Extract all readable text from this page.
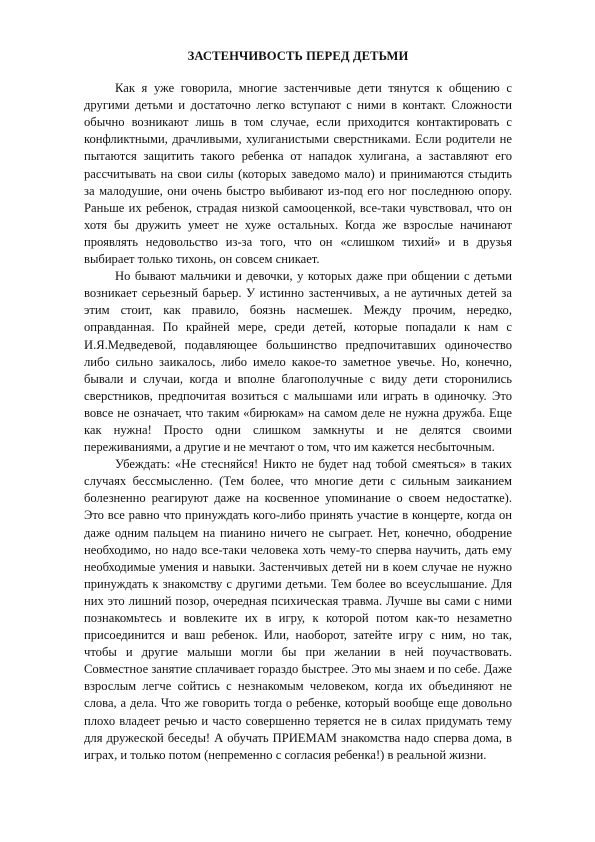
ЗАСТЕНЧИВОСТЬ ПЕРЕД ДЕТЬМИ

Как я уже говорила, многие застенчивые дети тянутся к общению с другими детьми и достаточно легко вступают с ними в контакт. Сложности обычно возникают лишь в том случае, если приходится контактировать с конфликтными, драчливыми, хулиганистыми сверстниками. Если родители не пытаются защитить такого ребенка от нападок хулигана, а заставляют его рассчитывать на свои силы (которых заведомо мало) и принимаются стыдить за малодушие, они очень быстро выбивают из-под его ног последнюю опору. Раньше их ребенок, страдая низкой самооценкой, все-таки чувствовал, что он хотя бы дружить умеет не хуже остальных. Когда же взрослые начинают проявлять недовольство из-за того, что он «слишком тихий» и в друзья выбирает только тихонь, он совсем сникает.

Но бывают мальчики и девочки, у которых даже при общении с детьми возникает серьезный барьер. У истинно застенчивых, а не аутичных детей за этим стоит, как правило, боязнь насмешек. Между прочим, нередко, оправданная. По крайней мере, среди детей, которые попадали к нам с И.Я.Медведевой, подавляющее большинство предпочитавших одиночество либо сильно заикалось, либо имело какое-то заметное увечье. Но, конечно, бывали и случаи, когда и вполне благополучные с виду дети сторонились сверстников, предпочитая возиться с малышами или играть в одиночку. Это вовсе не означает, что таким «бирюкам» на самом деле не нужна дружба. Еще как нужна! Просто одни слишком замкнуты и не делятся своими переживаниями, а другие и не мечтают о том, что им кажется несбыточным.

Убеждать: «Не стесняйся! Никто не будет над тобой смеяться» в таких случаях бессмысленно. (Тем более, что многие дети с сильным заиканием болезненно реагируют даже на косвенное упоминание о своем недостатке). Это все равно что принуждать кого-либо принять участие в концерте, когда он даже одним пальцем на пианино ничего не сыграет. Нет, конечно, ободрение необходимо, но надо все-таки человека хоть чему-то сперва научить, дать ему необходимые умения и навыки. Застенчивых детей ни в коем случае не нужно принуждать к знакомству с другими детьми. Тем более во всеуслышание. Для них это лишний позор, очередная психическая травма. Лучше вы сами с ними познакомьтесь и вовлеките их в игру, к которой потом как-то незаметно присоединится и ваш ребенок. Или, наоборот, затейте игру с ним, но так, чтобы и другие малыши могли бы при желании в ней поучаствовать. Совместное занятие сплачивает гораздо быстрее. Это мы знаем и по себе. Даже взрослым легче сойтись с незнакомым человеком, когда их объединяют не слова, а дела. Что же говорить тогда о ребенке, который вообще еще довольно плохо владеет речью и часто совершенно теряется не в силах придумать тему для дружеской беседы! А обучать ПРИЕМАМ знакомства надо сперва дома, в играх, и только потом (непременно с согласия ребенка!) в реальной жизни.
